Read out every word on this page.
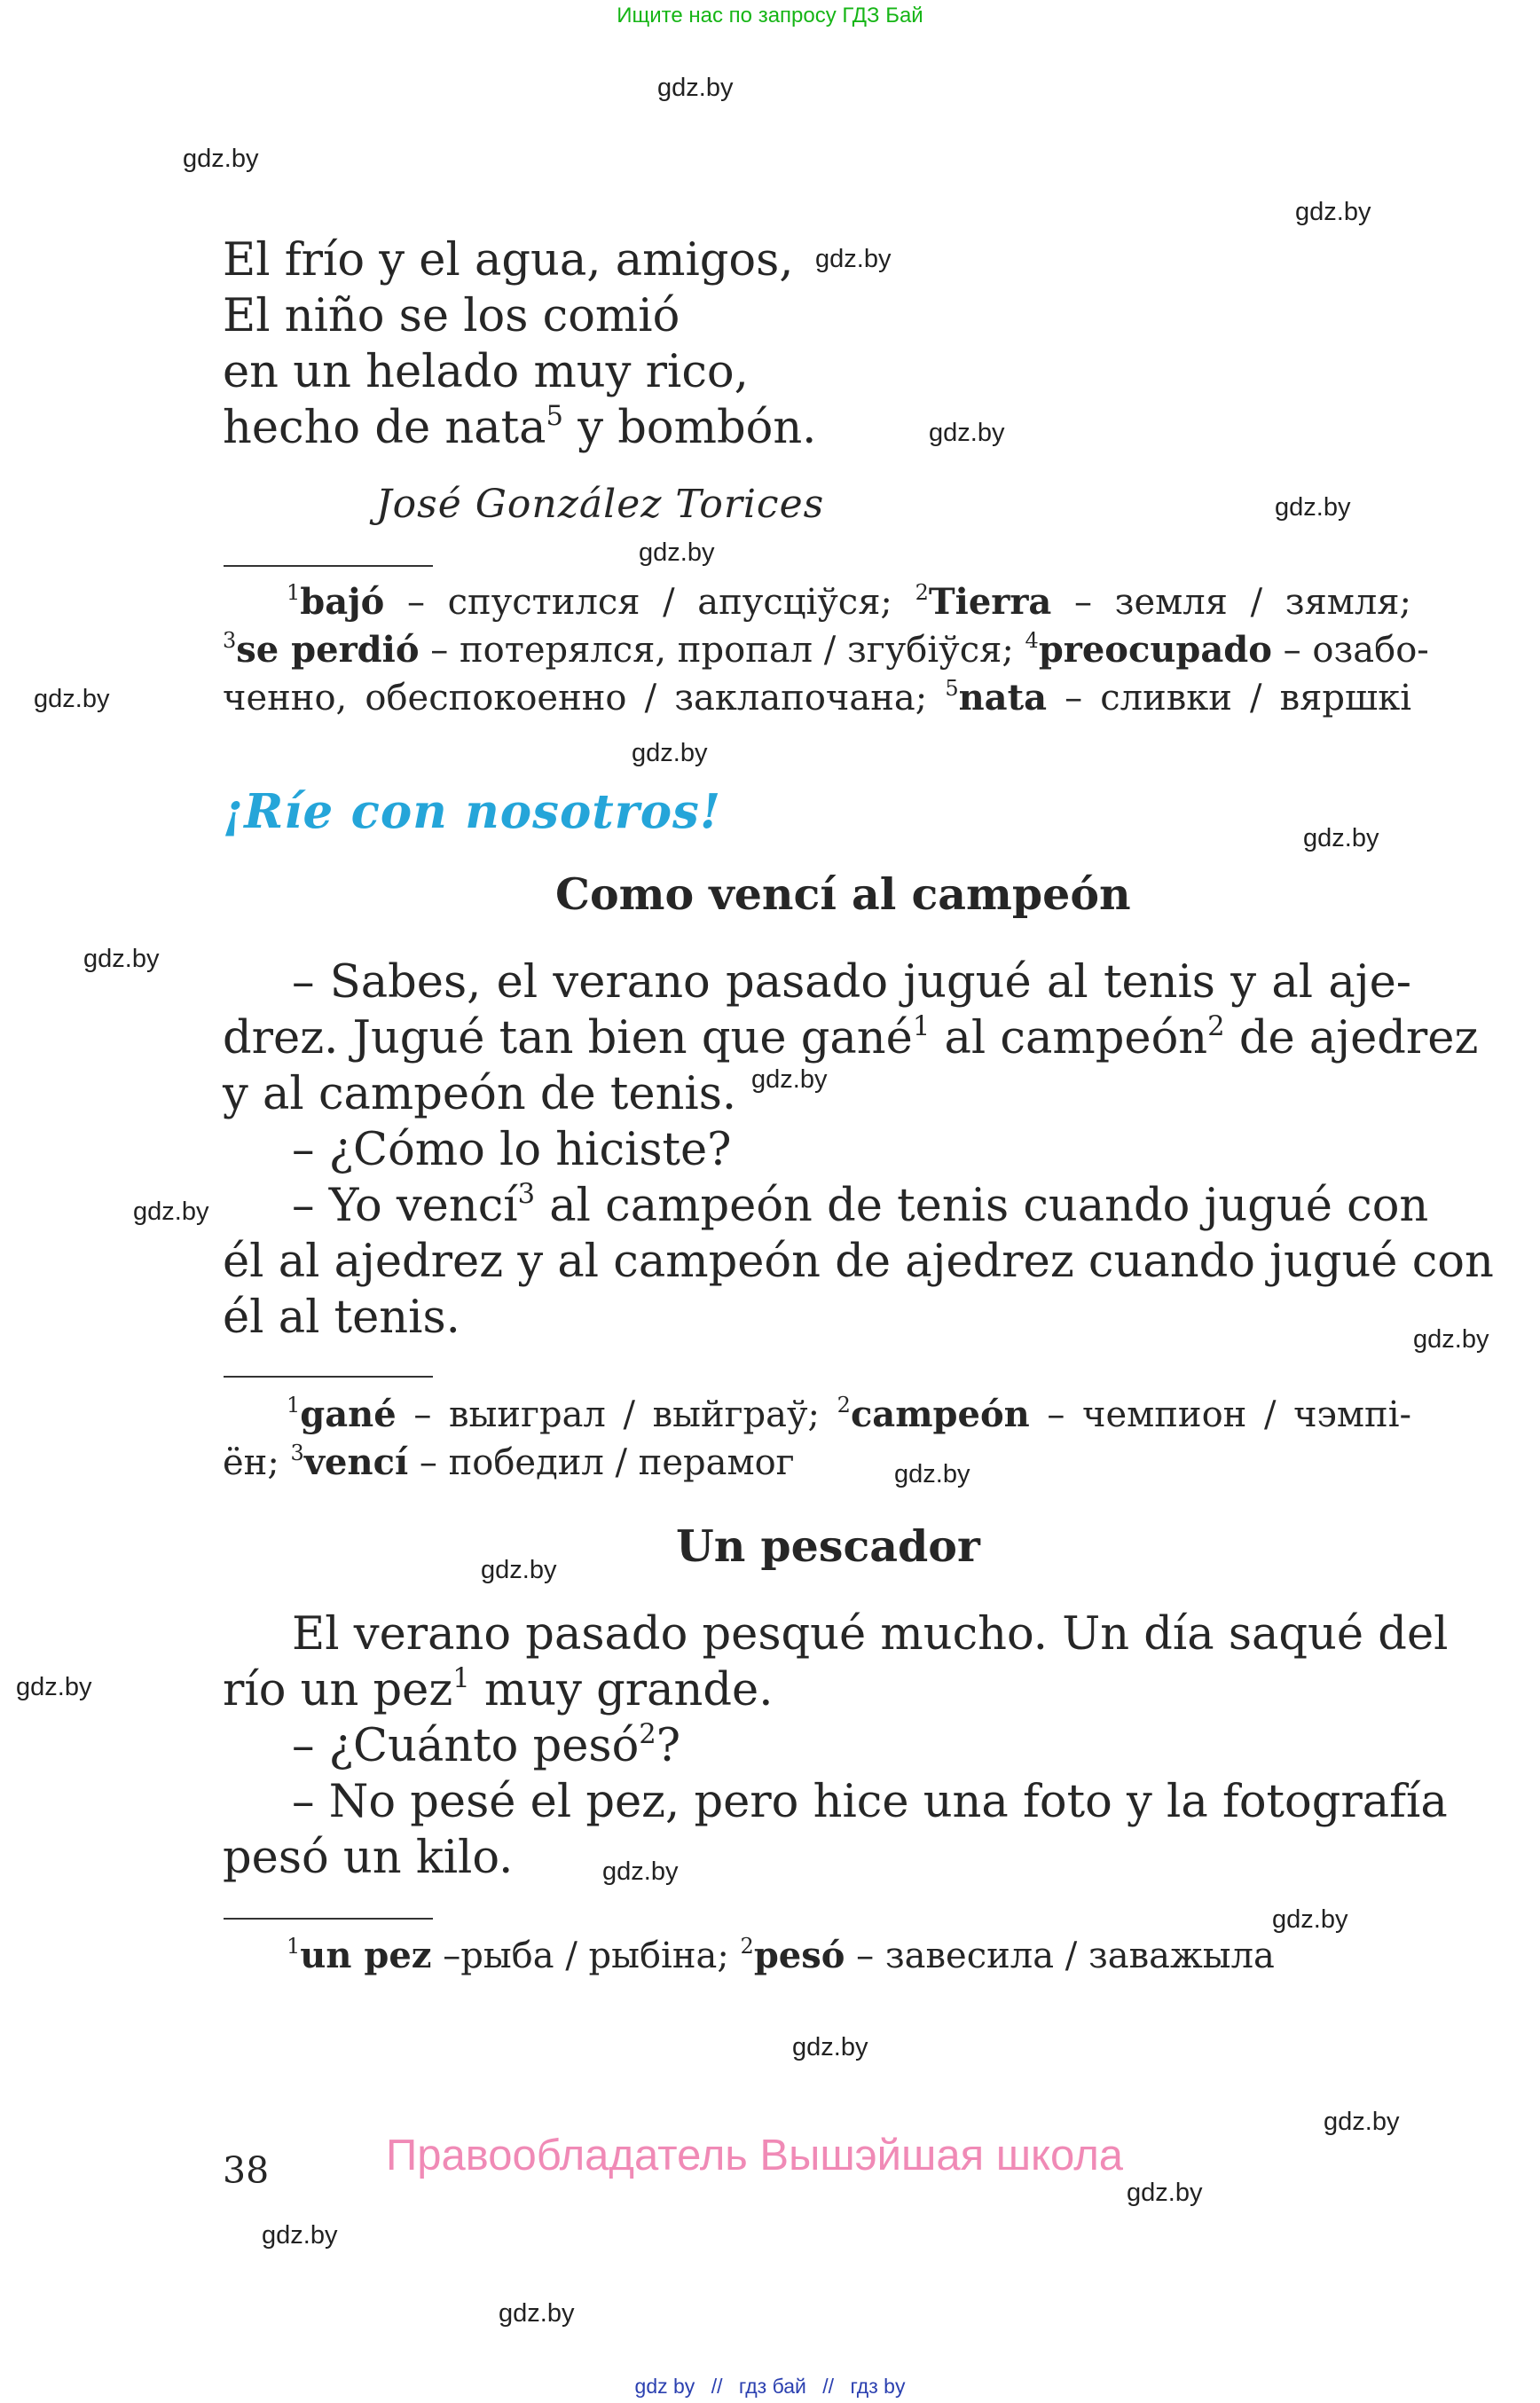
Ищите нас по запросу ГДЗ Бай
gdz.by
gdz.by
gdz.by
gdz.by
gdz.by
gdz.by
gdz.by
gdz.by
gdz.by
gdz.by
gdz.by
gdz.by
gdz.by
gdz.by
gdz.by
gdz.by
gdz.by
gdz.by
gdz.by
gdz.by
gdz.by
gdz.by
gdz.by
gdz.by
El frío y el agua, amigos,
El niño se los comió
en un helado muy rico,
hecho de nata$^5$ y bombón.
José González Torices
$^1$bajó – спустился / апусціўся; $^2$Tierra – земля / зямля;
$^3$se perdió – потерялся, пропал / згубіўся; $^4$preocupado – озабо-
ченно, обеспокоенно / заклапочана; $^5$nata – сливки / вяршкі
¡Ríe con nosotros!
Como vencí al campeón
– Sabes, el verano pasado jugué al tenis y al aje-
drez. Jugué tan bien que gané$^1$ al campeón$^2$ de ajedrez
y al campeón de tenis.
– ¿Cómo lo hiciste?
– Yo vencí$^3$ al campeón de tenis cuando jugué con
él al ajedrez y al campeón de ajedrez cuando jugué con
él al tenis.
$^1$gané – выиграл / выйграў; $^2$campeón – чемпион / чэмпі-
ён; $^3$vencí – победил / перамог
Un pescador
El verano pasado pesqué mucho. Un día saqué del
río un pez$^1$ muy grande.
– ¿Cuánto pesó$^2$?
– No pesé el pez, pero hice una foto y la fotografía
pesó un kilo.
$^1$un pez –рыба / рыбіна; $^2$pesó – завесила / заважыла
38	Правообладатель Вышэйшая школа
gdz by // гдз бай // гдз by
